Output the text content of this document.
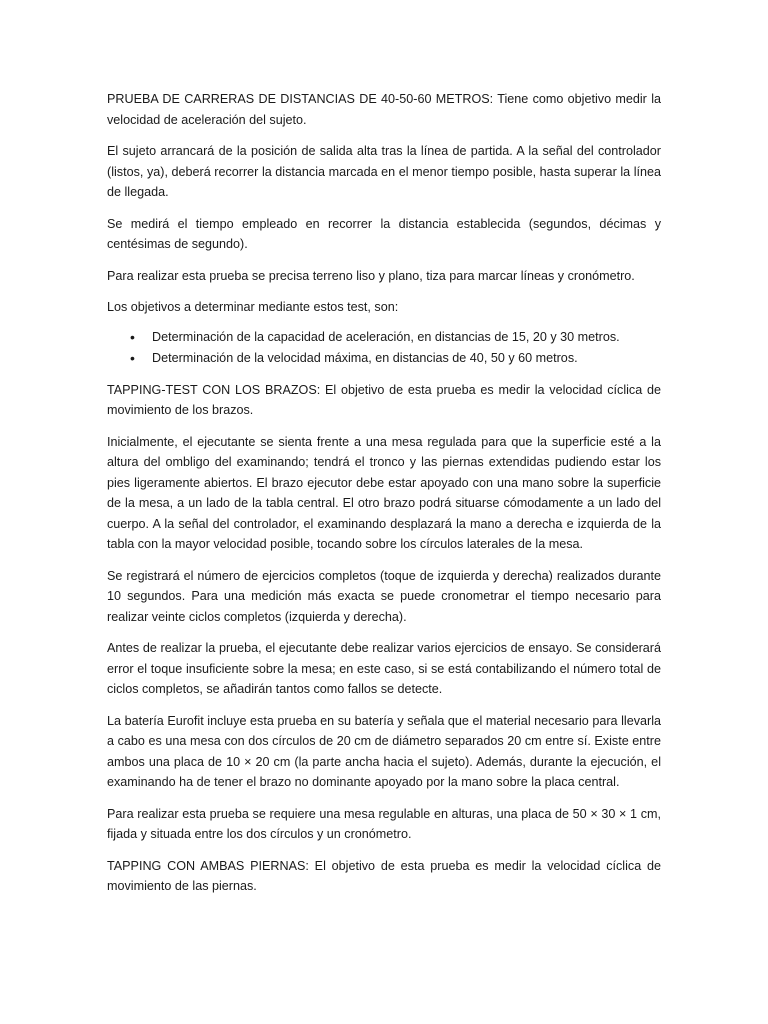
PRUEBA DE CARRERAS DE DISTANCIAS DE 40-50-60 METROS: Tiene como objetivo medir la velocidad de aceleración del sujeto.

El sujeto arrancará de la posición de salida alta tras la línea de partida. A la señal del controlador (listos, ya), deberá recorrer la distancia marcada en el menor tiempo posible, hasta superar la línea de llegada.

Se medirá el tiempo empleado en recorrer la distancia establecida (segundos, décimas y centésimas de segundo).

Para realizar esta prueba se precisa terreno liso y plano, tiza para marcar líneas y cronómetro.

Los objetivos a determinar mediante estos test, son:

• Determinación de la capacidad de aceleración, en distancias de 15, 20 y 30 metros.
• Determinación de la velocidad máxima, en distancias de 40, 50 y 60 metros.

TAPPING-TEST CON LOS BRAZOS: El objetivo de esta prueba es medir la velocidad cíclica de movimiento de los brazos.

Inicialmente, el ejecutante se sienta frente a una mesa regulada para que la superficie esté a la altura del ombligo del examinando; tendrá el tronco y las piernas extendidas pudiendo estar los pies ligeramente abiertos. El brazo ejecutor debe estar apoyado con una mano sobre la superficie de la mesa, a un lado de la tabla central. El otro brazo podrá situarse cómodamente a un lado del cuerpo. A la señal del controlador, el examinando desplazará la mano a derecha e izquierda de la tabla con la mayor velocidad posible, tocando sobre los círculos laterales de la mesa.

Se registrará el número de ejercicios completos (toque de izquierda y derecha) realizados durante 10 segundos. Para una medición más exacta se puede cronometrar el tiempo necesario para realizar veinte ciclos completos (izquierda y derecha).

Antes de realizar la prueba, el ejecutante debe realizar varios ejercicios de ensayo. Se considerará error el toque insuficiente sobre la mesa; en este caso, si se está contabilizando el número total de ciclos completos, se añadirán tantos como fallos se detecte.

La batería Eurofit incluye esta prueba en su batería y señala que el material necesario para llevarla a cabo es una mesa con dos círculos de 20 cm de diámetro separados 20 cm entre sí. Existe entre ambos una placa de 10 × 20 cm (la parte ancha hacia el sujeto). Además, durante la ejecución, el examinando ha de tener el brazo no dominante apoyado por la mano sobre la placa central.

Para realizar esta prueba se requiere una mesa regulable en alturas, una placa de 50 × 30 × 1 cm, fijada y situada entre los dos círculos y un cronómetro.

TAPPING CON AMBAS PIERNAS: El objetivo de esta prueba es medir la velocidad cíclica de movimiento de las piernas.
